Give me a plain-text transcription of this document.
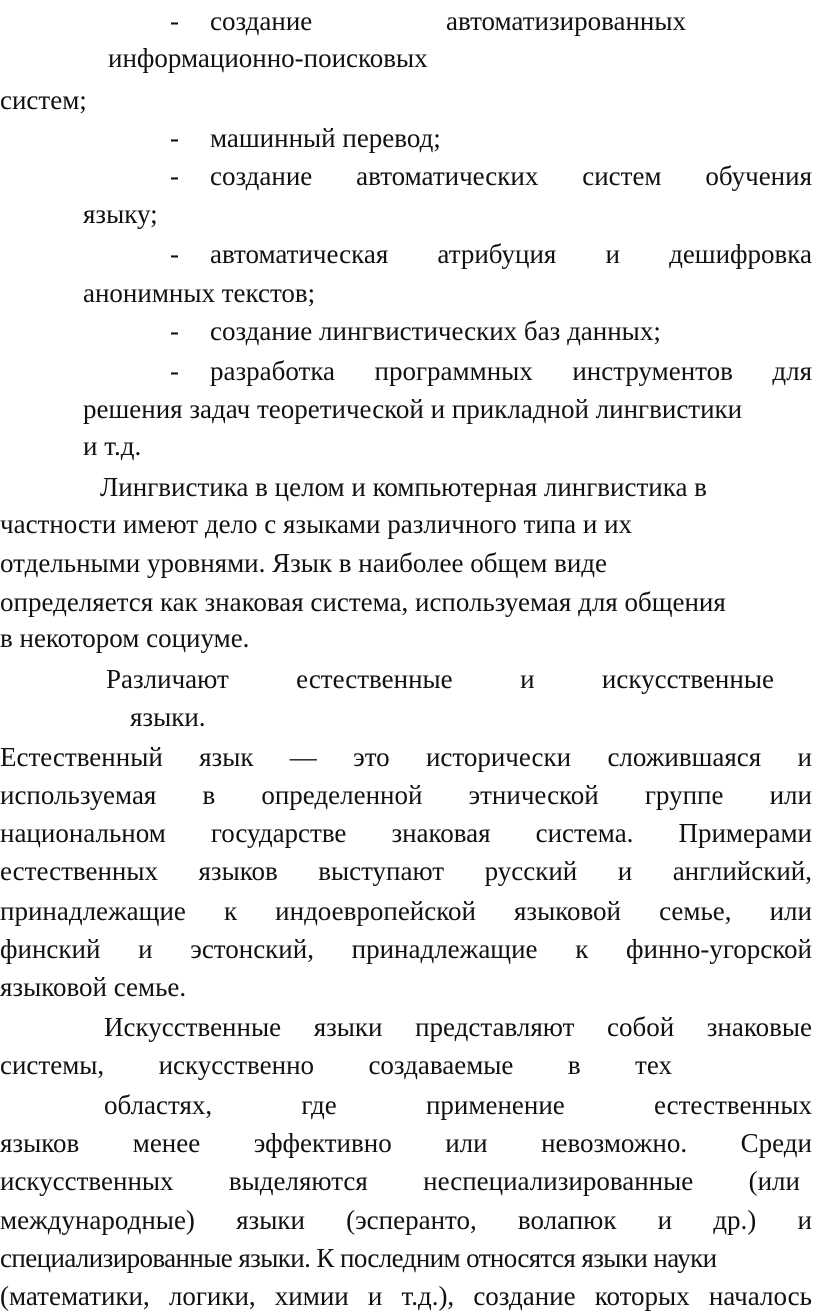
- создание	автоматизированных
информационно-поисковых
систем;
- машинный перевод;
- создание автоматических систем обучения
языку;
- автоматическая атрибуция и дешифровка
анонимных текстов;
- создание лингвистических баз данных;
- разработка программных инструментов для
решения задач теоретической и прикладной лингвистики
и т.д.
Лингвистика в целом и компьютерная лингвистика в
частности имеют дело с языками различного типа и их
отдельными уровнями. Язык в наиболее общем виде
определяется как знаковая система, используемая для общения
в некотором социуме.
Различают естественные и искусственные
языки.
Естественный язык — это исторически сложившаяся и
используемая в определенной этнической группе или
национальном государстве знаковая система. Примерами
естественных языков выступают русский и английский,
принадлежащие к индоевропейской языковой семье, или
финский и эстонский, принадлежащие к финно-угорской
языковой семье.
Искусственные языки представляют собой знаковые
системы, искусственно создаваемые в тех
областях,	где	применение	естественных
языков менее эффективно или невозможно. Среди
искусственных выделяются неспециализированные (или
международные) языки (эсперанто, волапюк и др.) и
специализированные языки. К последним относятся языки науки
(математики, логики, химии и т.д.), создание которых началось
